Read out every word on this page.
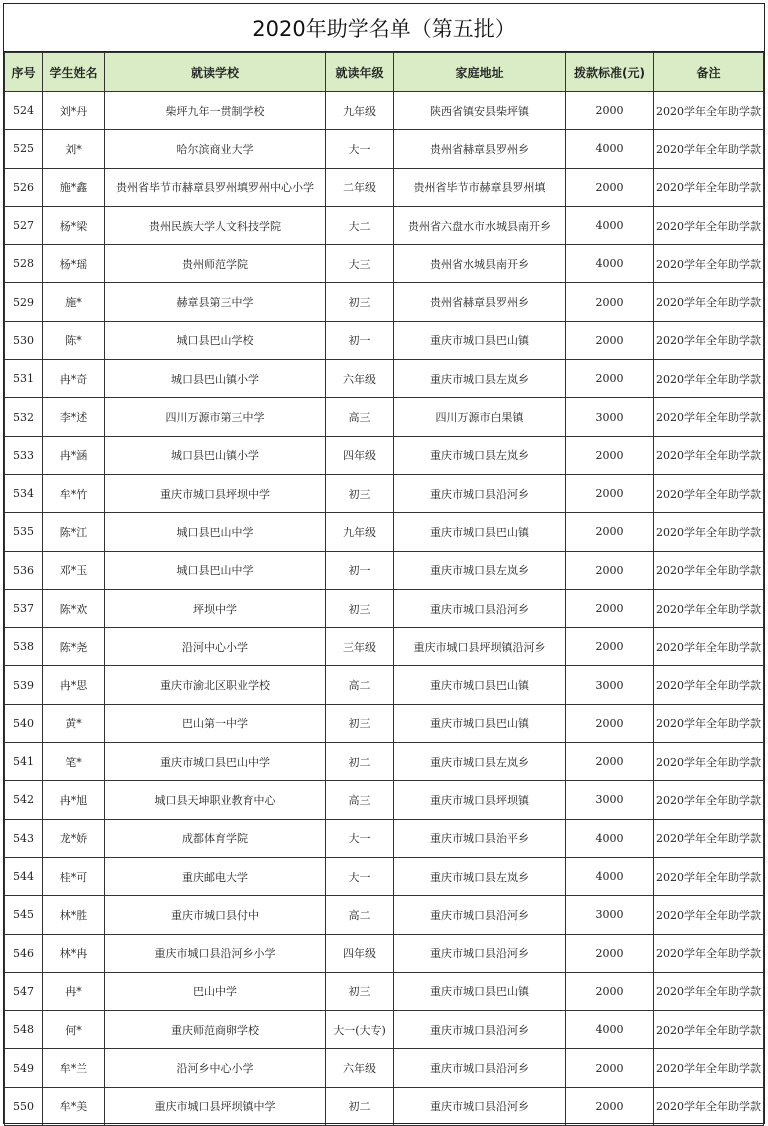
2020年助学名单（第五批）
序号	学生姓名	就读学校	就读年级	家庭地址	拨款标准(元)	备注
524	刘*丹	柴坪九年一贯制学校	九年级	陕西省镇安县柴坪镇	2000	2020学年全年助学款
525	刘*	哈尔滨商业大学	大一	贵州省赫章县罗州乡	4000	2020学年全年助学款
526	施*鑫	贵州省毕节市赫章县罗州填罗州中心小学	二年级	贵州省毕节市赫章县罗州填	2000	2020学年全年助学款
527	杨*梁	贵州民族大学人文科技学院	大二	贵州省六盘水市水城县南开乡	4000	2020学年全年助学款
528	杨*瑶	贵州师范学院	大三	贵州省水城县南开乡	4000	2020学年全年助学款
529	施*	赫章县第三中学	初三	贵州省赫章县罗州乡	2000	2020学年全年助学款
530	陈*	城口县巴山学校	初一	重庆市城口县巴山镇	2000	2020学年全年助学款
531	冉*奇	城口县巴山镇小学	六年级	重庆市城口县左岚乡	2000	2020学年全年助学款
532	李*述	四川万源市第三中学	高三	四川万源市白果镇	3000	2020学年全年助学款
533	冉*涵	城口县巴山镇小学	四年级	重庆市城口县左岚乡	2000	2020学年全年助学款
534	牟*竹	重庆市城口县坪坝中学	初三	重庆市城口县沿河乡	2000	2020学年全年助学款
535	陈*江	城口县巴山中学	九年级	重庆市城口县巴山镇	2000	2020学年全年助学款
536	邓*玉	城口县巴山中学	初一	重庆市城口县左岚乡	2000	2020学年全年助学款
537	陈*欢	坪坝中学	初三	重庆市城口县沿河乡	2000	2020学年全年助学款
538	陈*尧	沿河中心小学	三年级	重庆市城口县坪坝镇沿河乡	2000	2020学年全年助学款
539	冉*思	重庆市渝北区职业学校	高二	重庆市城口县巴山镇	3000	2020学年全年助学款
540	黄*	巴山第一中学	初三	重庆市城口县巴山镇	2000	2020学年全年助学款
541	笔*	重庆市城口县巴山中学	初二	重庆市城口县左岚乡	2000	2020学年全年助学款
542	冉*旭	城口县天坤职业教育中心	高三	重庆市城口县坪坝镇	3000	2020学年全年助学款
543	龙*娇	成都体育学院	大一	重庆市城口县治平乡	4000	2020学年全年助学款
544	桂*可	重庆邮电大学	大一	重庆市城口县左岚乡	4000	2020学年全年助学款
545	林*胜	重庆市城口县付中	高二	重庆市城口县沿河乡	3000	2020学年全年助学款
546	林*冉	重庆市城口县沿河乡小学	四年级	重庆市城口县沿河乡	2000	2020学年全年助学款
547	冉*	巴山中学	初三	重庆市城口县巴山镇	2000	2020学年全年助学款
548	何*	重庆师范商卵学校	大一(大专)	重庆市城口县沿河乡	4000	2020学年全年助学款
549	牟*兰	沿河乡中心小学	六年级	重庆市城口县沿河乡	2000	2020学年全年助学款
550	牟*美	重庆市城口县坪坝镇中学	初二	重庆市城口县沿河乡	2000	2020学年全年助学款
